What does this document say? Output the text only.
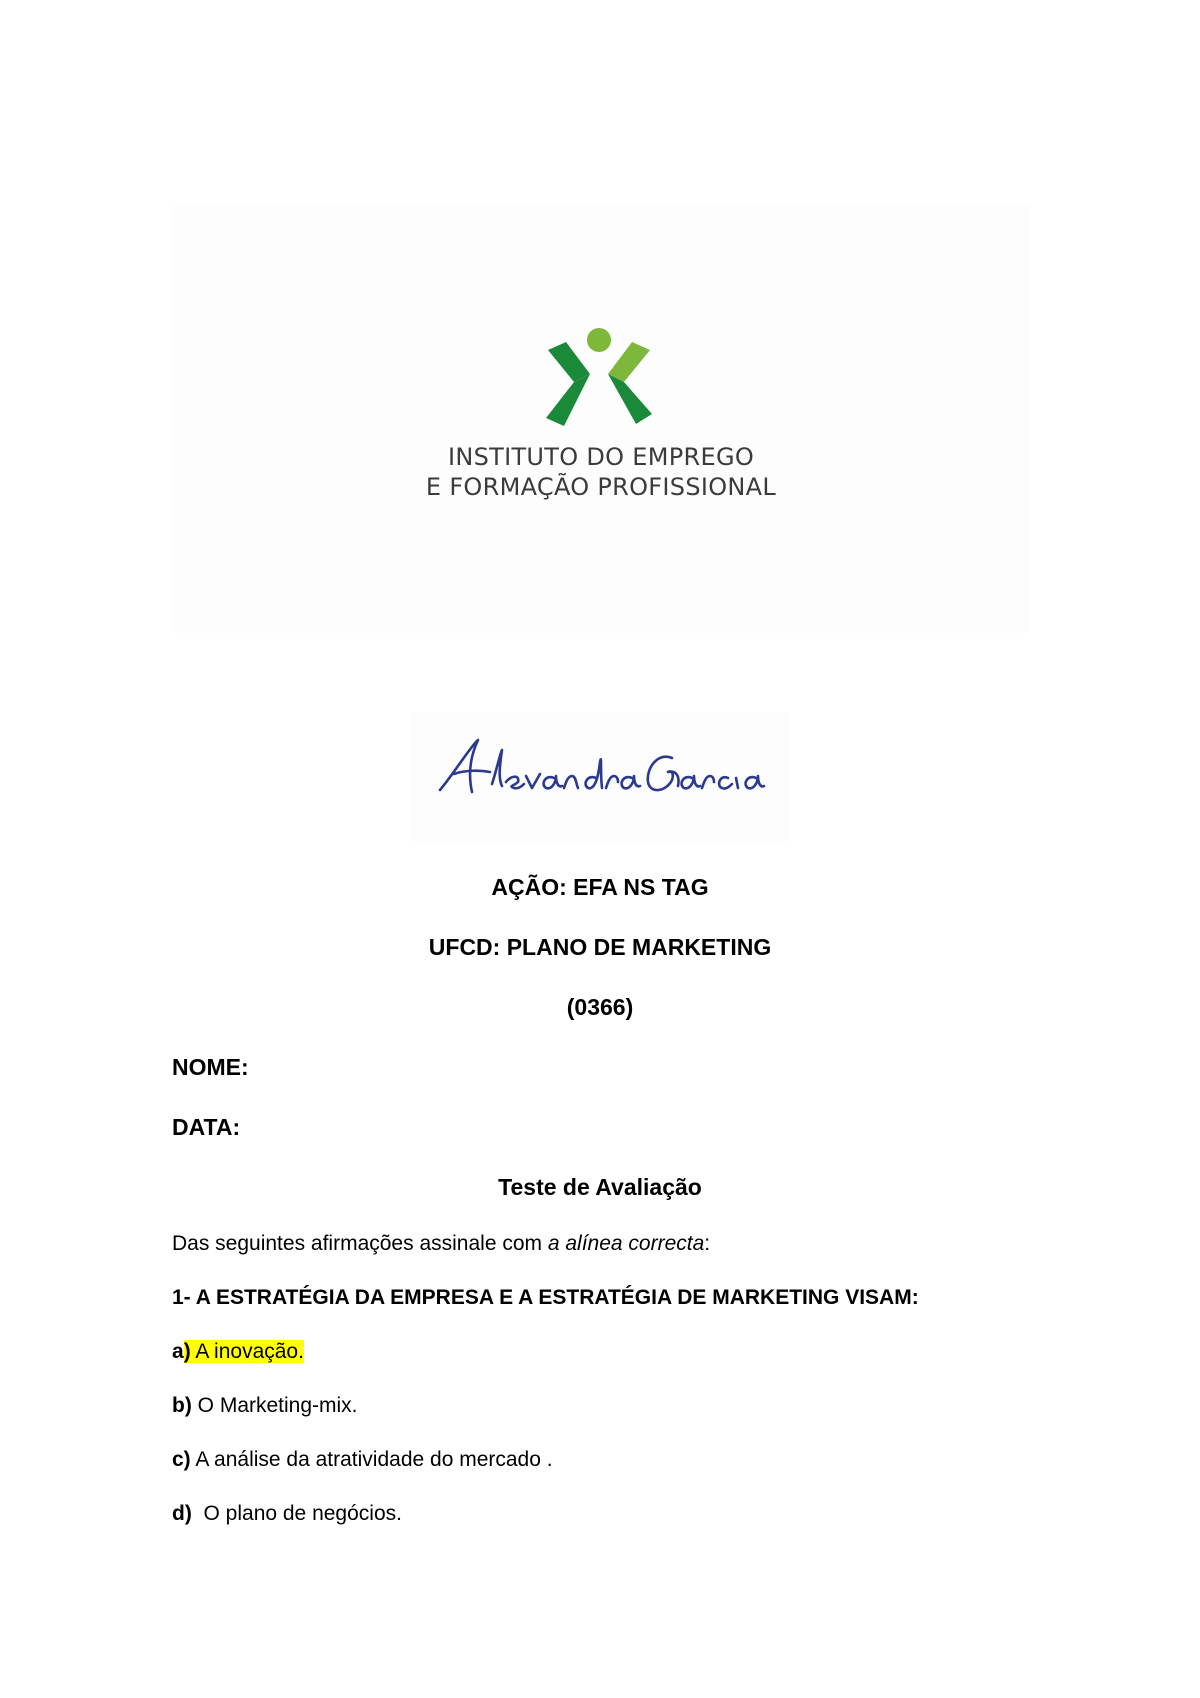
INSTITUTO DO EMPREGO
E FORMAÇÃO PROFISSIONAL
AÇÃO: EFA NS TAG
UFCD: PLANO DE MARKETING
(0366)
NOME:
DATA:
Teste de Avaliação
Das seguintes afirmações assinale com a alínea correcta:
1- A ESTRATÉGIA DA EMPRESA E A ESTRATÉGIA DE MARKETING VISAM:
a) A inovação.
b) O Marketing-mix.
c) A análise da atratividade do mercado .
d)  O plano de negócios.
